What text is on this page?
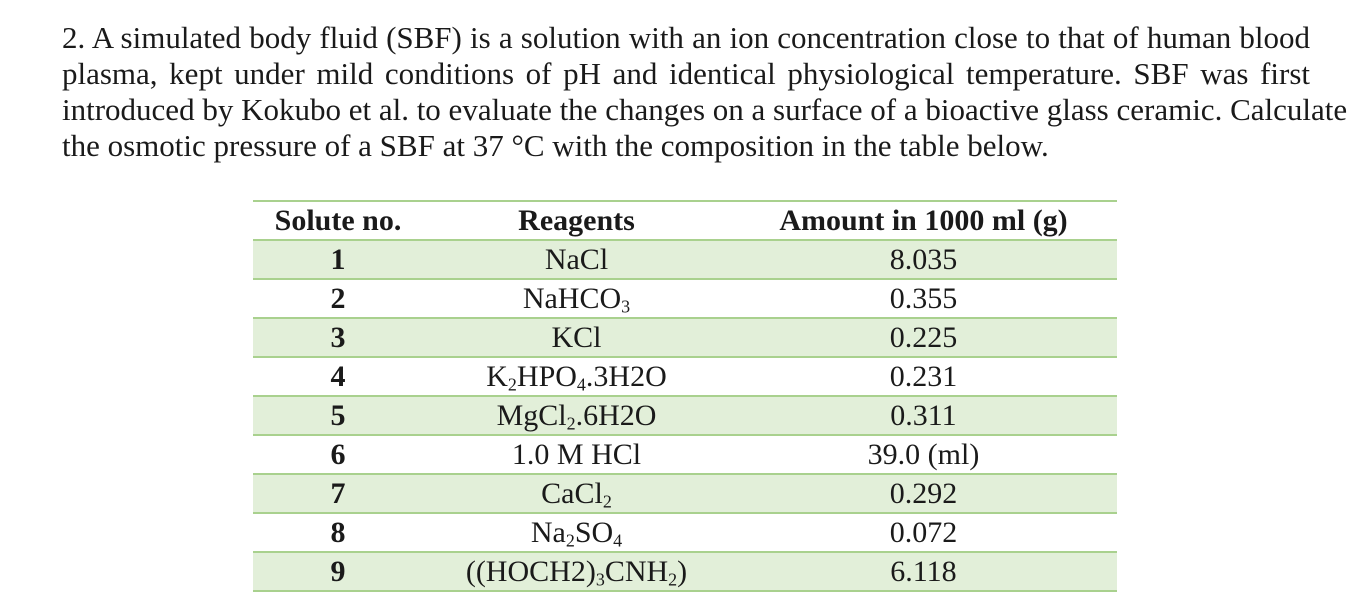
2. A simulated body fluid (SBF) is a solution with an ion concentration close to that of human blood
plasma, kept under mild conditions of pH and identical physiological temperature. SBF was first
introduced by Kokubo et al. to evaluate the changes on a surface of a bioactive glass ceramic. Calculate
the osmotic pressure of a SBF at 37 °C with the composition in the table below.

Solute no.	Reagents	Amount in 1000 ml (g)
1	NaCl	8.035
2	NaHCO$_3$	0.355
3	KCl	0.225
4	$K_2HPO_4.3H2O$	0.231
5	MgCl$_2$.6H2O	0.311
6	1.0 M HCl	39.0 (ml)
7	CaCl$_2$	0.292
8	$Na_2SO_4$	0.072
9	$((HOCH2)_3CNH_2)$	6.118
